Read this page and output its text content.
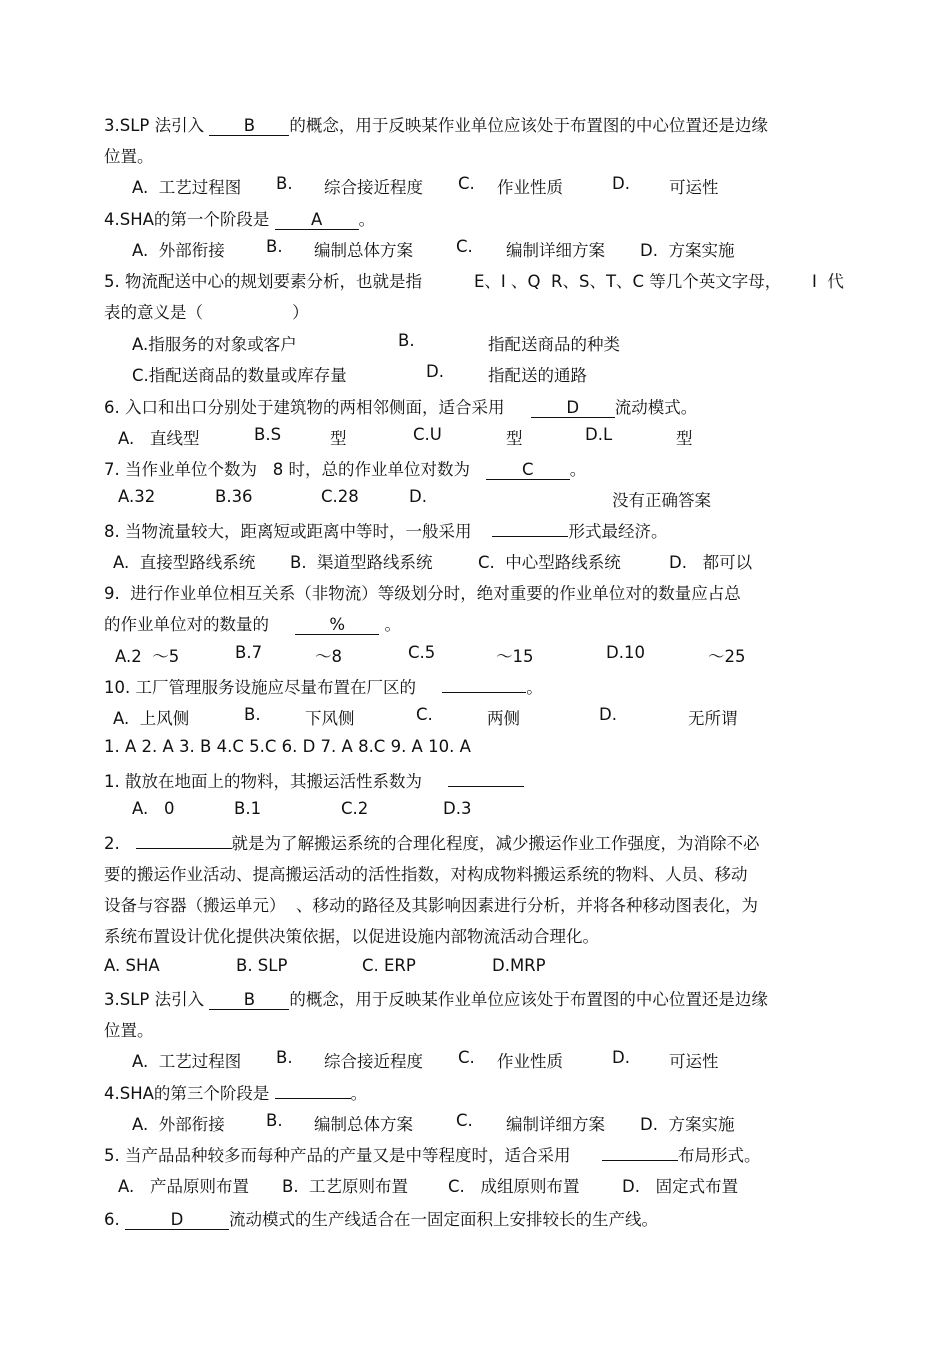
3.SLP 法引入 B 的概念，用于反映某作业单位应该处于布置图的中心位置还是边缘
位置。
A.  工艺过程图 B. 综合接近程度 C. 作业性质	D. 可运性
4.SHA的第一个阶段是	A 。
A.  外部衔接	B. 编制总体方案	C. 编制详细方案 D.  方案实施
5. 物流配送中心的规划要素分析，也就是指	E、I 、Q  R、S、T、C 等几个英文字母， I  代
表的意义是（                 ）
A.指服务的对象或客户	B.	指配送商品的种类
C.指配送商品的数量或库存量	D.	指配送的通路
6. 入口和出口分别处于建筑物的两相邻侧面，适合采用	D 流动模式。
A.   直线型	B.S	型	C.U	型	D.L	型
7. 当作业单位个数为   8 时，总的作业单位对数为	C 。
A.32	B.36	C.28	D.	没有正确答案
8. 当物流量较大，距离短或距离中等时，一般采用	形式最经济。
A.  直接型路线系统 B.  渠道型路线系统	C.  中心型路线系统	D.   都可以
9.  进行作业单位相互关系（非物流）等级划分时，绝对重要的作业单位对的数量应占总
的作业单位对的数量的	% 。
A.2  ～5	B.7	～8	C.5	～15	D.10	～25
10. 工厂管理服务设施应尽量布置在厂区的	。
A.  上风侧	B.	下风侧	C.	两侧	D.	无所谓
1. A 2. A 3. B 4.C 5.C 6. D 7. A 8.C 9. A 10. A
1. 散放在地面上的物料，其搬运活性系数为
A.   0	B.1	C.2	D.3
2.	就是为了解搬运系统的合理化程度，减少搬运作业工作强度，为消除不必
要的搬运作业活动、提高搬运活动的活性指数，对构成物料搬运系统的物料、人员、移动
设备与容器（搬运单元）  、移动的路径及其影响因素进行分析，并将各种移动图表化，为
系统布置设计优化提供决策依据，以促进设施内部物流活动合理化。
A. SHA	B. SLP	C. ERP	D.MRP
3.SLP 法引入 B 的概念，用于反映某作业单位应该处于布置图的中心位置还是边缘
位置。
A.  工艺过程图 B. 综合接近程度 C. 作业性质	D. 可运性
4.SHA的第三个阶段是	。
A.  外部衔接	B. 编制总体方案	C. 编制详细方案 D.  方案实施
5. 当产品品种较多而每种产品的产量又是中等程度时，适合采用	布局形式。
A.   产品原则布置 B.  工艺原则布置 C.   成组原则布置	D.   固定式布置
6.	D	流动模式的生产线适合在一固定面积上安排较长的生产线。
